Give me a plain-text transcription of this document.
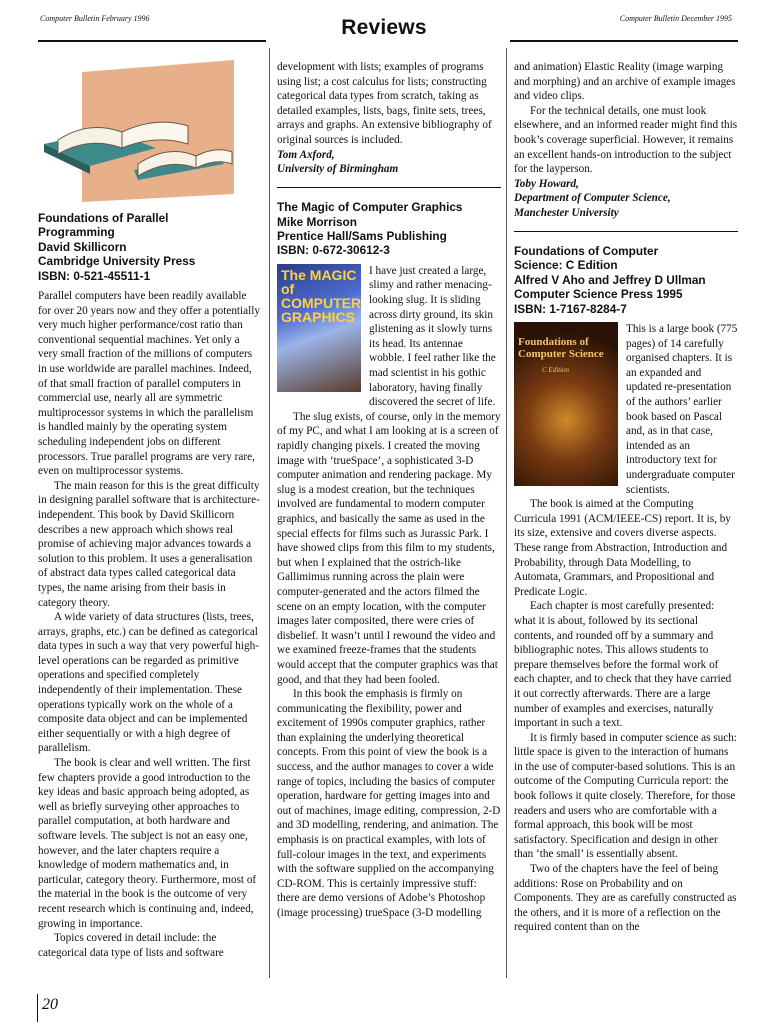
Computer Bulletin February 1996	Reviews	Computer Bulletin December 1995
Foundations of Parallel
Programming
David Skillicorn
Cambridge University Press
ISBN: 0-521-45511-1

Parallel computers have been readily available for over 20 years now and they offer a potentially very much higher performance/cost ratio than conventional sequential machines. Yet only a very small fraction of the millions of computers in use worldwide are parallel machines. Indeed, of that small fraction of parallel computers in commercial use, nearly all are symmetric multiprocessor systems in which the parallelism is handled mainly by the operating system scheduling independent jobs on different processors. True parallel programs are very rare, even on multiprocessor systems.

The main reason for this is the great difficulty in designing parallel software that is architecture-independent. This book by David Skillicorn describes a new approach which shows real promise of achieving major advances towards a solution to this problem. It uses a generalisation of abstract data types called categorical data types, the name arising from their basis in category theory.

A wide variety of data structures (lists, trees, arrays, graphs, etc.) can be defined as categorical data types in such a way that very powerful high-level operations can be regarded as primitive operations and specified completely independently of their implementation. These operations typically work on the whole of a composite data object and can be implemented either sequentially or with a high degree of parallelism.

The book is clear and well written. The first few chapters provide a good introduction to the key ideas and basic approach being adopted, as well as briefly surveying other approaches to parallel computation, at both hardware and software levels. The subject is not an easy one, however, and the later chapters require a knowledge of modern mathematics and, in particular, category theory. Furthermore, most of the material in the book is the outcome of very recent research which is continuing and, indeed, growing in importance.

Topics covered in detail include: the categorical data type of lists and software

development with lists; examples of programs using list; a cost calculus for lists; constructing categorical data types from scratch, taking as detailed examples, lists, bags, finite sets, trees, arrays and graphs. An extensive bibliography of original sources is included.

Tom Axford,
University of Birmingham
The Magic of Computer Graphics
Mike Morrison
Prentice Hall/Sams Publishing
ISBN: 0-672-30612-3
The MAGIC of COMPUTER GRAPHICS

I have just created a large, slimy and rather menacing-looking slug. It is sliding across dirty ground, its skin glistening as it slowly turns its head. Its antennae wobble. I feel rather like the mad scientist in his gothic laboratory, having finally discovered the secret of life.

The slug exists, of course, only in the memory of my PC, and what I am looking at is a screen of rapidly changing pixels. I created the moving image with ‘trueSpace’, a sophisticated 3-D computer animation and rendering package. My slug is a modest creation, but the techniques involved are fundamental to modern computer graphics, and basically the same as used in the special effects for films such as Jurassic Park. I have showed clips from this film to my students, but when I explained that the ostrich-like Gallimimus running across the plain were computer-generated and the actors filmed the scene on an empty location, with the computer images later composited, there were cries of disbelief. It wasn’t until I rewound the video and we examined freeze-frames that the students would accept that the computer graphics was that good, and that they had been fooled.

In this book the emphasis is firmly on communicating the flexibility, power and excitement of 1990s computer graphics, rather than explaining the underlying theoretical concepts. From this point of view the book is a success, and the author manages to cover a wide range of topics, including the basics of computer operation, hardware for getting images into and out of machines, image editing, compression, 2-D and 3D modelling, rendering, and animation. The emphasis is on practical examples, with lots of full-colour images in the text, and experiments with the software supplied on the accompanying CD-ROM. This is certainly impressive stuff: there are demo versions of Adobe’s Photoshop (image processing) trueSpace (3-D modelling

and animation) Elastic Reality (image warping and morphing) and an archive of example images and video clips.

For the technical details, one must look elsewhere, and an informed reader might find this book’s coverage superficial. However, it remains an excellent hands-on introduction to the subject for the layperson.

Toby Howard,
Department of Computer Science,
Manchester University
Foundations of Computer
Science: C Edition
Alfred V Aho and Jeffrey D Ullman
Computer Science Press 1995
ISBN: 1-7167-8284-7
Foundations of Computer Science
C Edition

This is a large book (775 pages) of 14 carefully organised chapters. It is an expanded and updated re-presentation of the authors’ earlier book based on Pascal and, as in that case, intended as an introductory text for undergraduate computer scientists.

The book is aimed at the Computing Curricula 1991 (ACM/IEEE-CS) report. It is, by its size, extensive and covers diverse aspects. These range from Abstraction, Introduction and Probability, through Data Modelling, to Automata, Grammars, and Propositional and Predicate Logic.

Each chapter is most carefully presented: what it is about, followed by its sectional contents, and rounded off by a summary and bibliographic notes. This allows students to prepare themselves before the formal work of each chapter, and to check that they have carried it out correctly afterwards. There are a large number of examples and exercises, naturally important in such a text.

It is firmly based in computer science as such: little space is given to the interaction of humans in the use of computer-based solutions. This is an outcome of the Computing Curricula report: the book follows it quite closely. Therefore, for those readers and users who are comfortable with a formal approach, this book will be most satisfactory. Specification and design in other than ‘the small’ is essentially absent.

Two of the chapters have the feel of being additions: Rose on Probability and on Components. They are as carefully constructed as the others, and it is more of a reflection on the required content than on the

20
